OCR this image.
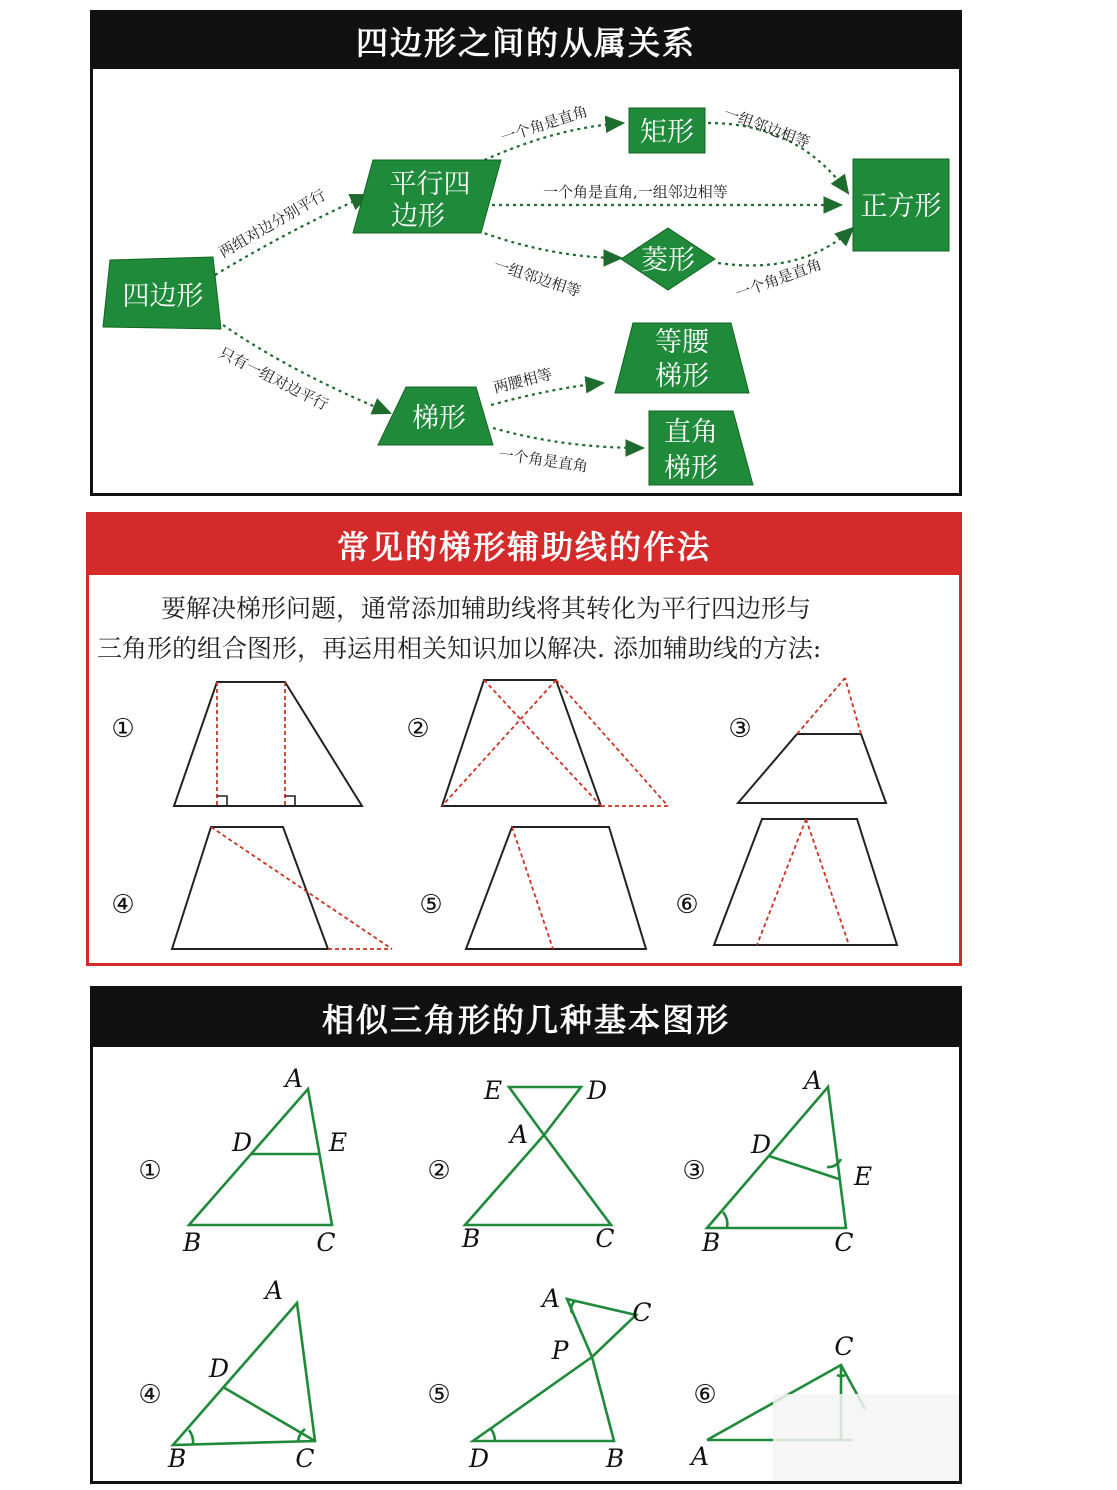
四边形之间的从属关系
四边形
平行四
边形
矩形
菱形
正方形
梯形
等腰
梯形
直角
梯形
两组对边分别平行
只有一组对边平行
一个角是直角
一个角是直角,一组邻边相等
一组邻边相等
一组邻边相等
一个角是直角
两腰相等
一个角是直角
常见的梯形辅助线的作法

要解决梯形问题，通常添加辅助线将其转化为平行四边形与
三角形的组合图形，再运用相关知识加以解决. 添加辅助线的方法:

①	②	③
④	⑤	⑥
相似三角形的几种基本图形
①	②	③
④	⑤	⑥
A
D	E
B	C
E	D
A
B	C
A
D
E
B	C
A
D
B	C
A	C
P
D	B
C
A
